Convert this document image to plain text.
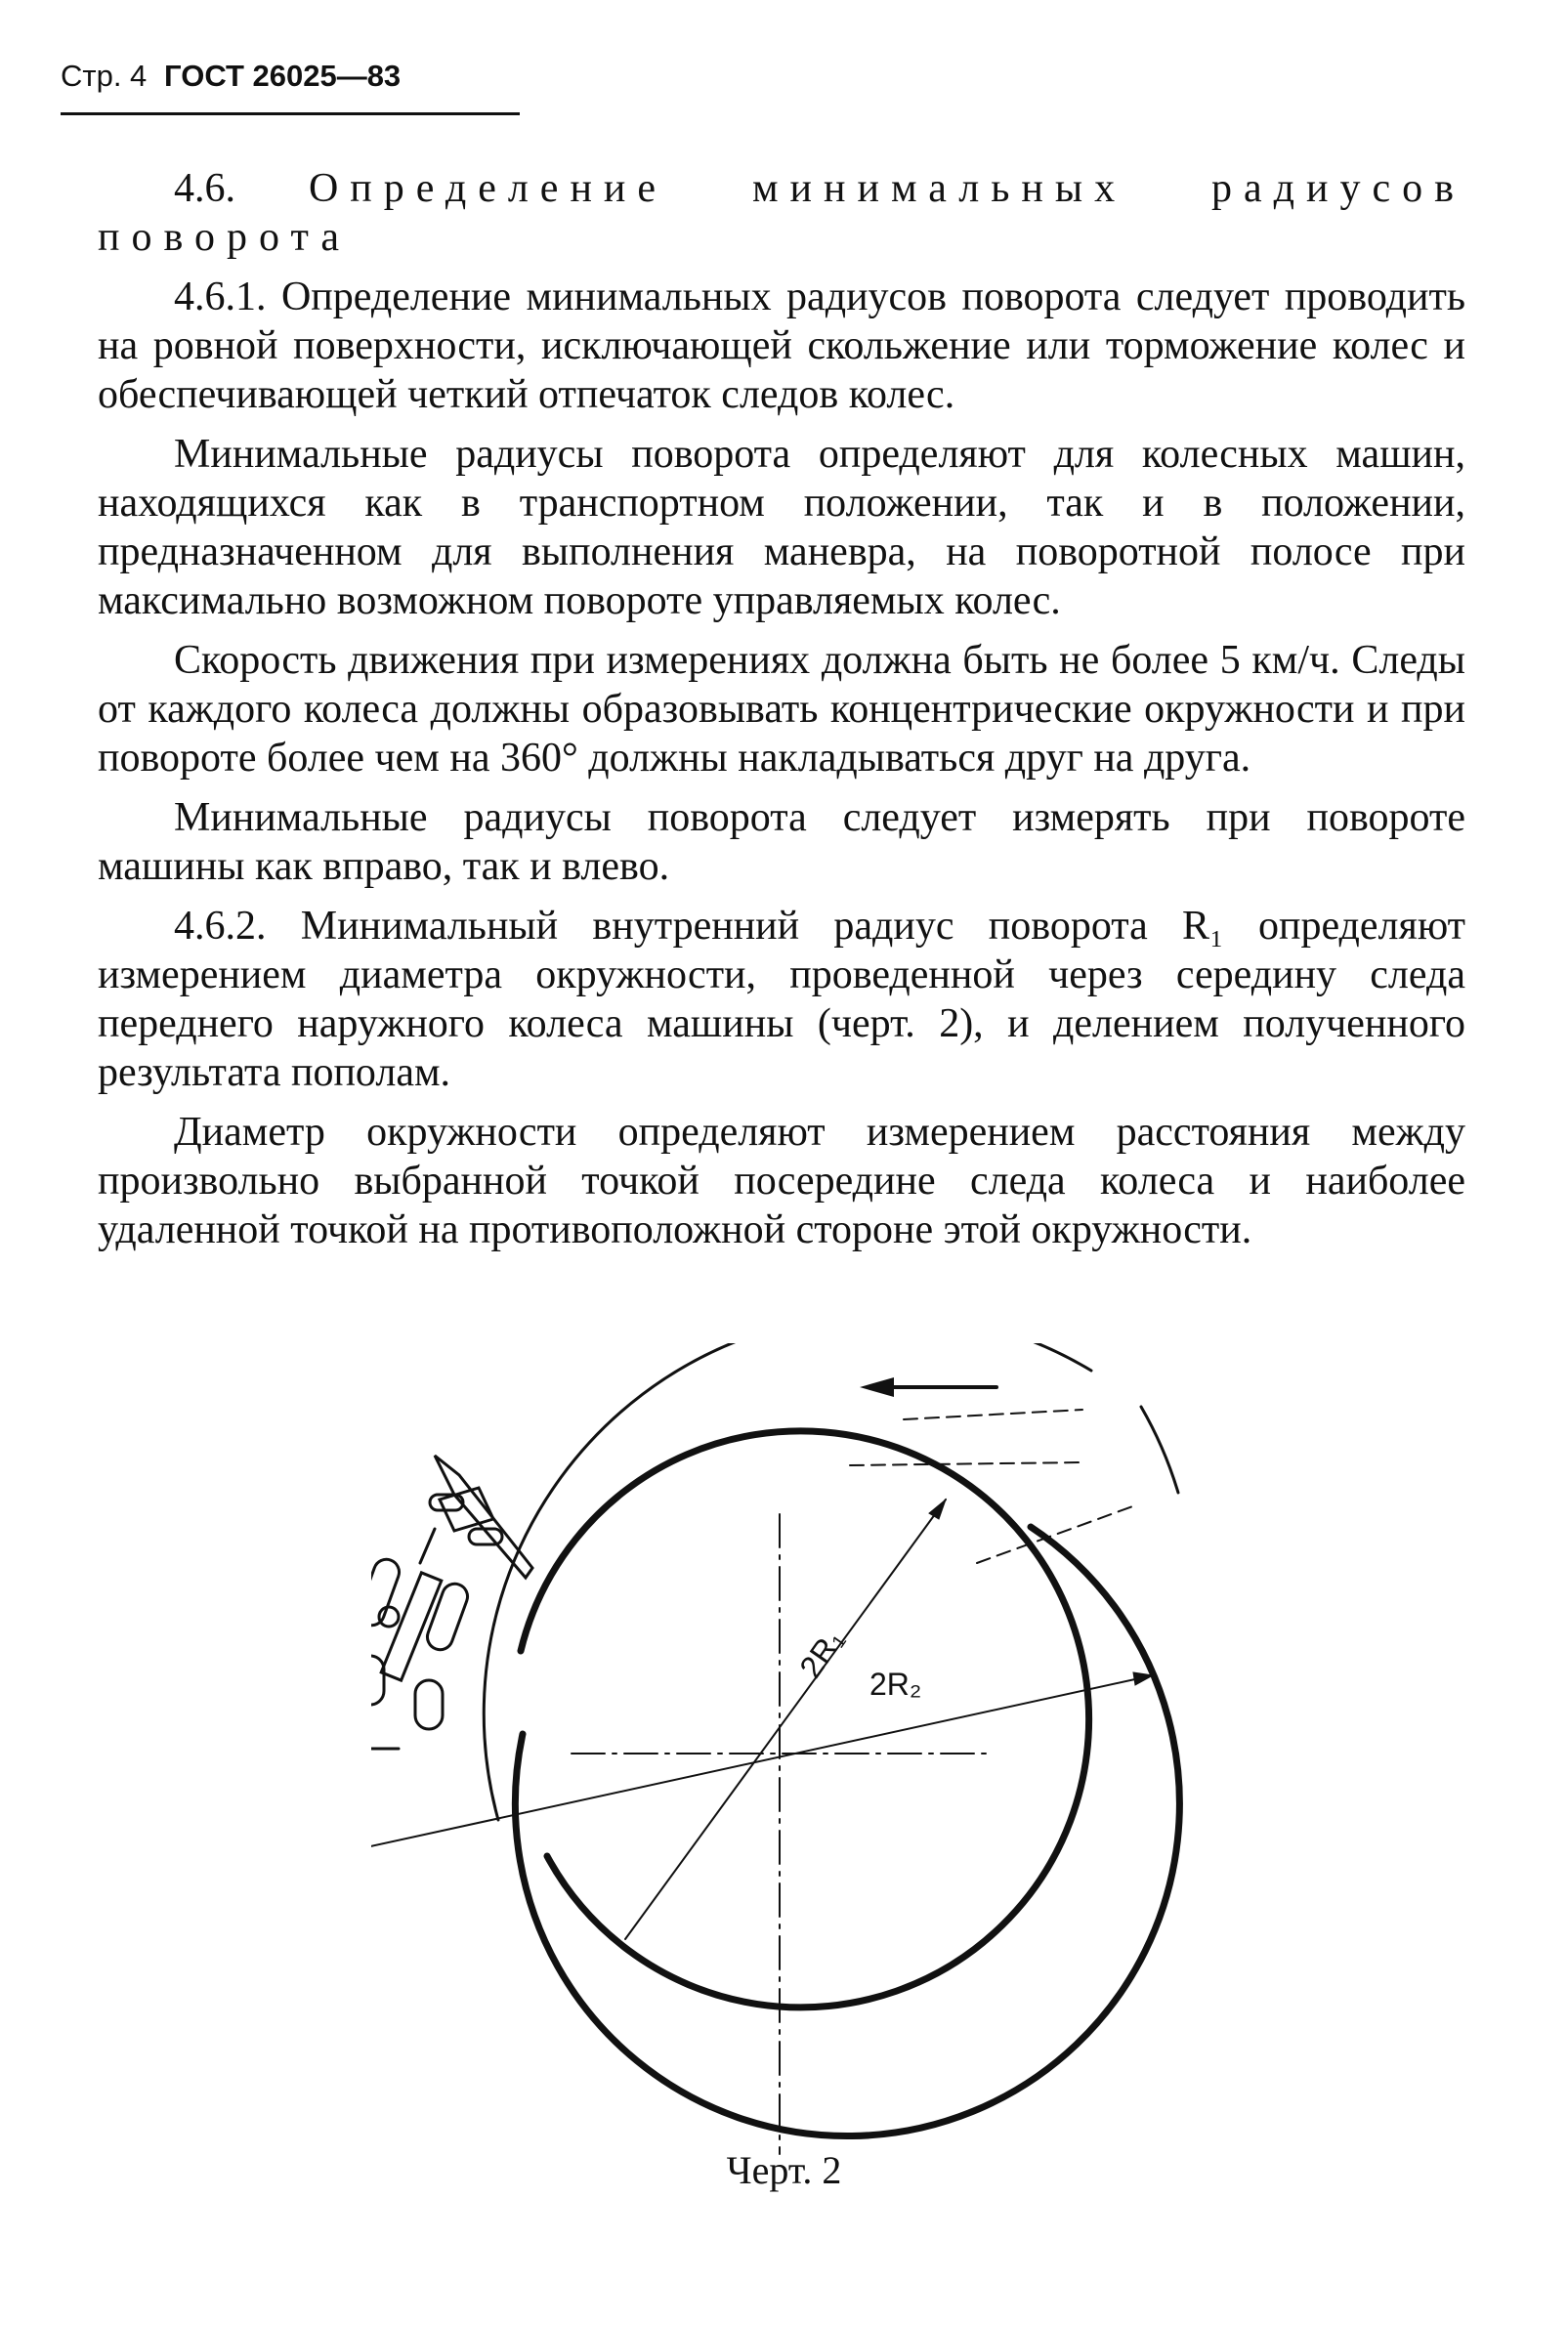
Стр. 4 ГОСТ 26025—83

4.6. Определение минимальных радиусов поворота

4.6.1. Определение минимальных радиусов поворота следует проводить на ровной поверхности, исключающей скольжение или торможение колес и обеспечивающей четкий отпечаток следов колес.

Минимальные радиусы поворота определяют для колесных машин, находящихся как в транспортном положении, так и в положении, предназначенном для выполнения маневра, на поворотной полосе при максимально возможном повороте управляемых колес.

Скорость движения при измерениях должна быть не более 5 км/ч. Следы от каждого колеса должны образовывать концентрические окружности и при повороте более чем на 360° должны накладываться друг на друга.

Минимальные радиусы поворота следует измерять при повороте машины как вправо, так и влево.

4.6.2. Минимальный внутренний радиус поворота R₁ определяют измерением диаметра окружности, проведенной через середину следа переднего наружного колеса машины (черт. 2), и делением полученного результата пополам.

Диаметр окружности определяют измерением расстояния между произвольно выбранной точкой посередине следа колеса и наиболее удаленной точкой на противоположной стороне этой окружности.

2R₁ 2R₂
Черт. 2
